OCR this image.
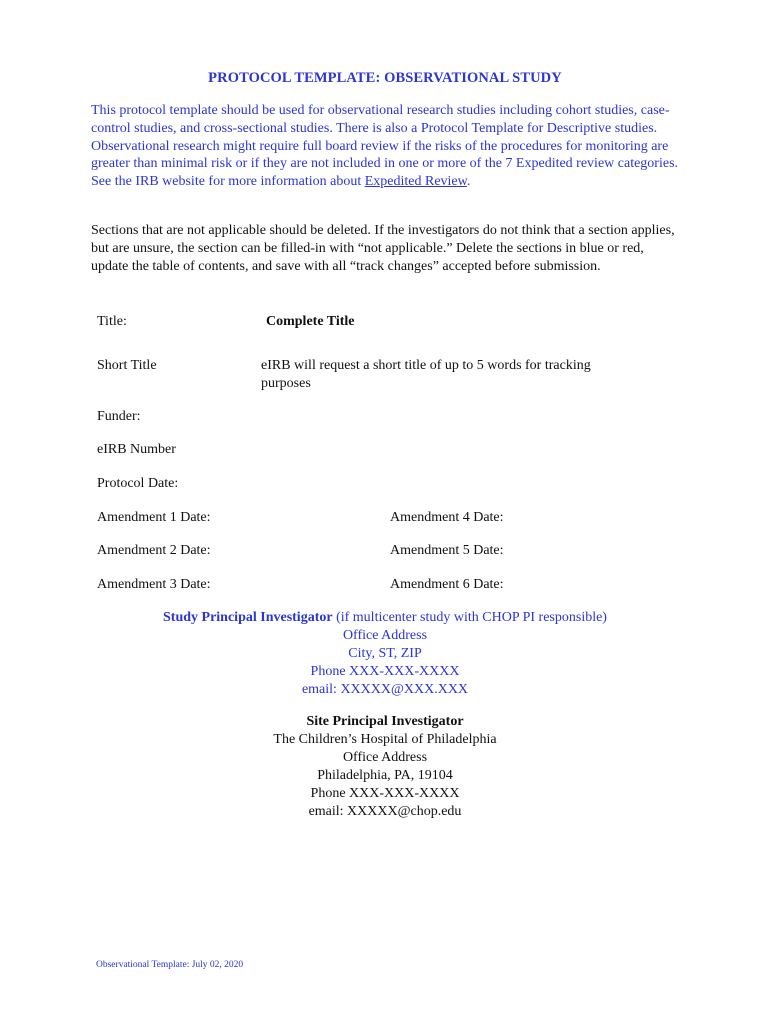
PROTOCOL TEMPLATE: OBSERVATIONAL STUDY
This protocol template should be used for observational research studies including cohort studies, case-control studies, and cross-sectional studies. There is also a Protocol Template for Descriptive studies. Observational research might require full board review if the risks of the procedures for monitoring are greater than minimal risk or if they are not included in one or more of the 7 Expedited review categories. See the IRB website for more information about Expedited Review.
Sections that are not applicable should be deleted. If the investigators do not think that a section applies, but are unsure, the section can be filled-in with “not applicable.” Delete the sections in blue or red, update the table of contents, and save with all “track changes” accepted before submission.
Title:	Complete Title
Short Title	eIRB will request a short title of up to 5 words for tracking purposes
Funder:
eIRB Number
Protocol Date:
Amendment 1 Date:	Amendment 4 Date:
Amendment 2 Date:	Amendment 5 Date:
Amendment 3 Date:	Amendment 6 Date:
Study Principal Investigator (if multicenter study with CHOP PI responsible)
Office Address
City, ST, ZIP
Phone XXX-XXX-XXXX
email: XXXXX@XXX.XXX
Site Principal Investigator
The Children’s Hospital of Philadelphia
Office Address
Philadelphia, PA, 19104
Phone XXX-XXX-XXXX
email: XXXXX@chop.edu
Observational Template: July 02, 2020
